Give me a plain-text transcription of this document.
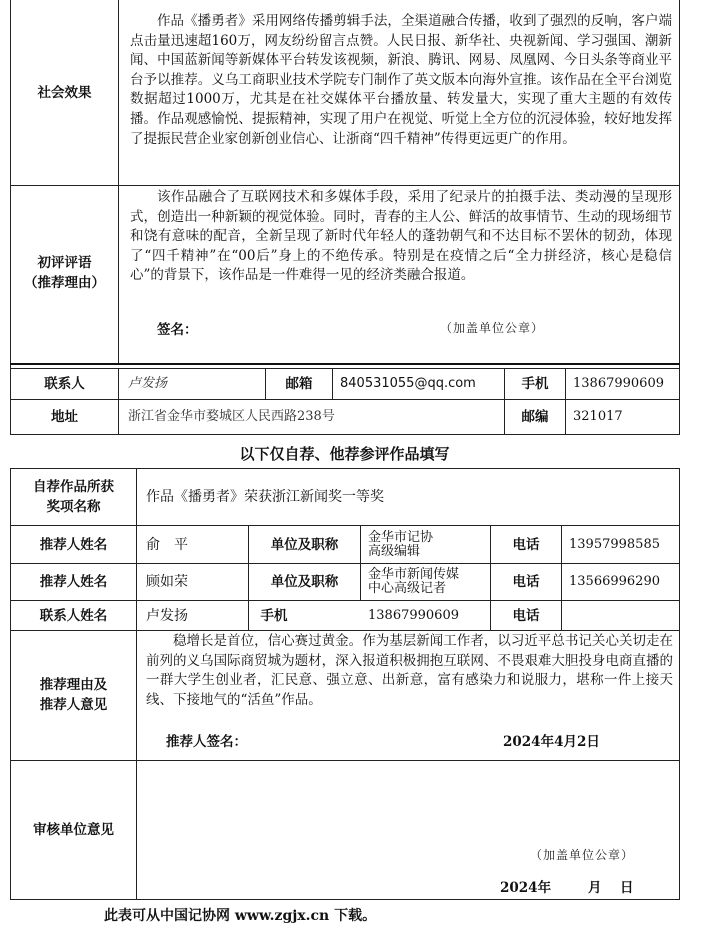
社会效果
作品《播勇者》采用网络传播剪辑手法，全渠道融合传播，收到了强烈的反响，客户端点击量迅速超160万，网友纷纷留言点赞。人民日报、新华社、央视新闻、学习强国、潮新闻、中国蓝新闻等新媒体平台转发该视频，新浪、腾讯、网易、凤凰网、今日头条等商业平台予以推荐。义乌工商职业技术学院专门制作了英文版本向海外宣推。该作品在全平台浏览数据超过1000万，尤其是在社交媒体平台播放量、转发量大，实现了重大主题的有效传播。作品观感愉悦、提振精神，实现了用户在视觉、听觉上全方位的沉浸体验，较好地发挥了提振民营企业家创新创业信心、让浙商“四千精神”传得更远更广的作用。
初评评语
（推荐理由）
该作品融合了互联网技术和多媒体手段，采用了纪录片的拍摄手法、类动漫的呈现形式，创造出一种新颖的视觉体验。同时，青春的主人公、鲜活的故事情节、生动的现场细节和饶有意味的配音，全新呈现了新时代年轻人的蓬勃朝气和不达目标不罢休的韧劲，体现了“四千精神”在“00后”身上的不绝传承。特别是在疫情之后“全力拼经济，核心是稳信心”的背景下，该作品是一件难得一见的经济类融合报道。
签名：	（加盖单位公章）
联系人	卢发扬	邮箱	840531055@qq.com	手机	13867990609
地址	浙江省金华市婺城区人民西路238号	邮编	321017
以下仅自荐、他荐参评作品填写
自荐作品所获
奖项名称
作品《播勇者》荣获浙江新闻奖一等奖
推荐人姓名	俞　平	单位及职称	金华市记协
高级编辑	电话	13957998585
推荐人姓名	顾如荣	单位及职称	金华市新闻传媒
中心高级记者	电话	13566996290
联系人姓名	卢发扬	手机	13867990609	电话
推荐理由及
推荐人意见
稳增长是首位，信心赛过黄金。作为基层新闻工作者，以习近平总书记关心关切走在前列的义乌国际商贸城为题材，深入报道积极拥抱互联网、不畏艰难大胆投身电商直播的一群大学生创业者，汇民意、强立意、出新意，富有感染力和说服力，堪称一件上接天线、下接地气的“活鱼”作品。
推荐人签名：	2024年4月2日
审核单位意见
（加盖单位公章）
2024年	月 日
此表可从中国记协网 www.zgjx.cn 下载。
